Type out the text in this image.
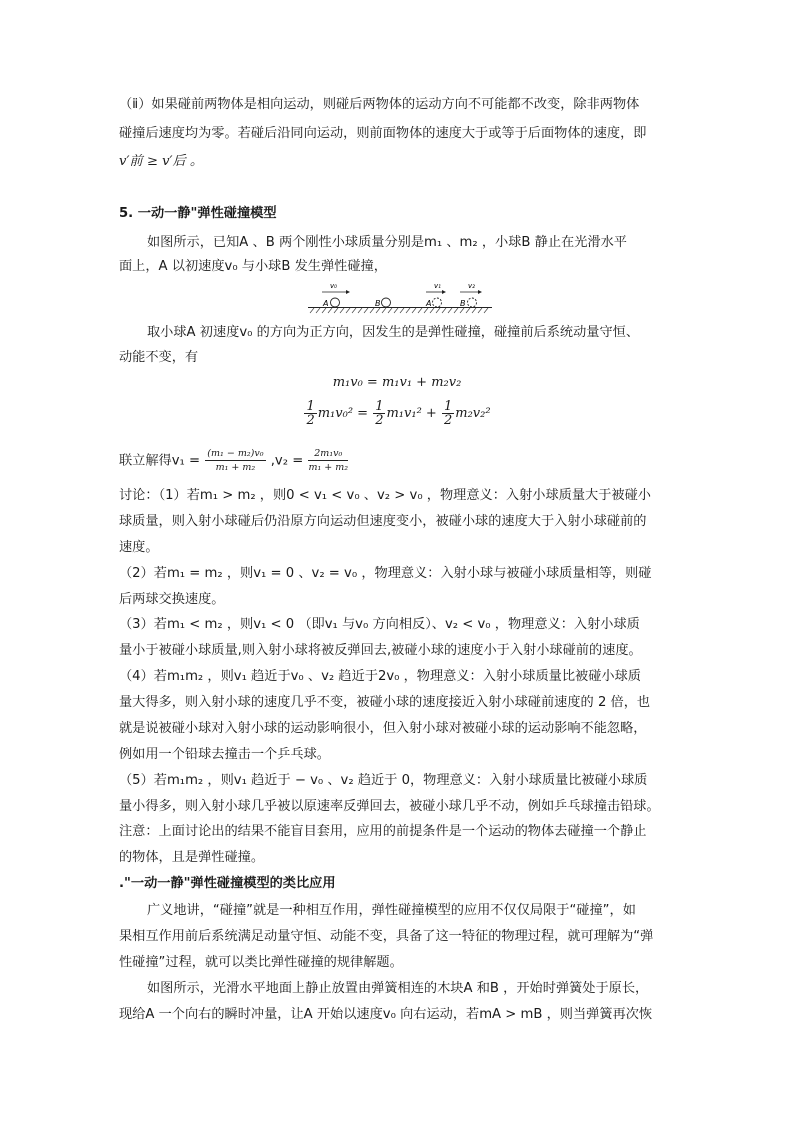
（ⅱ）如果碰前两物体是相向运动，则碰后两物体的运动方向不可能都不改变，除非两物体
碰撞后速度均为零。若碰后沿同向运动，则前面物体的速度大于或等于后面物体的速度，即
v′前 ≥ v′后 。
5. 一动一静"弹性碰撞模型
如图所示，已知A 、B 两个刚性小球质量分别是m₁ 、m₂ ，小球B 静止在光滑水平
面上，A 以初速度v₀ 与小球B 发生弹性碰撞，
v₀
A	B
v₁	v₂
A	B
取小球A 初速度v₀ 的方向为正方向，因发生的是弹性碰撞，碰撞前后系统动量守恒、
动能不变，有
m₁v₀ = m₁v₁ + m₂v₂
$\frac{1}{2} m_1v_0^2 = \frac{1}{2} m_1v_1^2 + \frac{1}{2} m_2v_2^2$
联立解得$v_1 = \frac{\text{(m₁ − m₂)v₀}}{\text{m₁ + m₂}} ,v_2 = \frac{\text{2m₁v₀}}{\text{m₁ + m₂}}$
讨论：（1）若m₁ > m₂ ，则0 < v₁ < v₀ 、v₂ > v₀ ，物理意义：入射小球质量大于被碰小
球质量，则入射小球碰后仍沿原方向运动但速度变小，被碰小球的速度大于入射小球碰前的
速度。
（2）若m₁ = m₂ ，则v₁ = 0 、v₂ = v₀ ，物理意义：入射小球与被碰小球质量相等，则碰
后两球交换速度。
（3）若m₁ < m₂ ，则v₁ < 0 （即v₁ 与v₀ 方向相反）、v₂ < v₀ ，物理意义：入射小球质
量小于被碰小球质量,则入射小球将被反弹回去,被碰小球的速度小于入射小球碰前的速度。
（4）若m₁m₂ ，则v₁ 趋近于v₀ 、v₂ 趋近于2v₀ ，物理意义：入射小球质量比被碰小球质
量大得多，则入射小球的速度几乎不变，被碰小球的速度接近入射小球碰前速度的 2 倍，也
就是说被碰小球对入射小球的运动影响很小，但入射小球对被碰小球的运动影响不能忽略，
例如用一个铅球去撞击一个乒乓球。
（5）若m₁m₂ ，则v₁ 趋近于 − v₀ 、v₂ 趋近于 0，物理意义：入射小球质量比被碰小球质
量小得多，则入射小球几乎被以原速率反弹回去，被碰小球几乎不动，例如乒乓球撞击铅球。
注意：上面讨论出的结果不能盲目套用，应用的前提条件是一个运动的物体去碰撞一个静止
的物体，且是弹性碰撞。
."一动一静"弹性碰撞模型的类比应用
广义地讲，“碰撞”就是一种相互作用，弹性碰撞模型的应用不仅仅局限于“碰撞”，如
果相互作用前后系统满足动量守恒、动能不变，具备了这一特征的物理过程，就可理解为“弹
性碰撞”过程，就可以类比弹性碰撞的规律解题。
如图所示，光滑水平地面上静止放置由弹簧相连的木块A 和B ，开始时弹簧处于原长，
现给A 一个向右的瞬时冲量，让A 开始以速度v₀ 向右运动，若mA > mB ，则当弹簧再次恢
